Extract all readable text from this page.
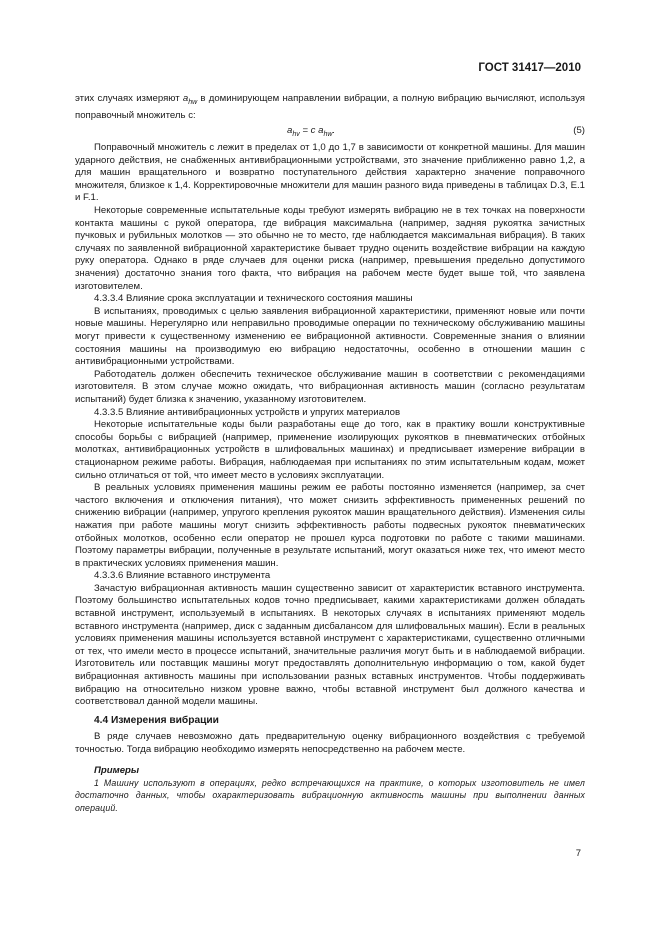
ГОСТ 31417—2010

этих случаях измеряют $a_{hw}$ в доминирующем направлении вибрации, а полную вибрацию вычисляют, используя поправочный множитель с:

$a_{hv} = c$ $a_{hw}$.	(5)

Поправочный множитель с лежит в пределах от 1,0 до 1,7 в зависимости от конкретной машины. Для машин ударного действия, не снабженных антивибрационными устройствами, это значение приближенно равно 1,2, а для машин вращательного и возвратно поступательного действия характерно значение поправочного множителя, близкое к 1,4. Корректировочные множители для машин разного вида приведены в таблицах D.3, E.1 и F.1.

Некоторые современные испытательные коды требуют измерять вибрацию не в тех точках на поверхности контакта машины с рукой оператора, где вибрация максимальна (например, задняя рукоятка зачистных пучковых и рубильных молотков — это обычно не то место, где наблюдается максимальная вибрация). В таких случаях по заявленной вибрационной характеристике бывает трудно оценить воздействие вибрации на каждую руку оператора. Однако в ряде случаев для оценки риска (например, превышения предельно допустимого значения) достаточно знания того факта, что вибрация на рабочем месте будет выше той, что заявлена изготовителем.

4.3.3.4 Влияние срока эксплуатации и технического состояния машины

В испытаниях, проводимых с целью заявления вибрационной характеристики, применяют новые или почти новые машины. Нерегулярно или неправильно проводимые операции по техническому обслуживанию машины могут привести к существенному изменению ее вибрационной активности. Современные знания о влиянии состояния машины на производимую ею вибрацию недостаточны, особенно в отношении машин с антивибрационными устройствами.

Работодатель должен обеспечить техническое обслуживание машин в соответствии с рекомендациями изготовителя. В этом случае можно ожидать, что вибрационная активность машин (согласно результатам испытаний) будет близка к значению, указанному изготовителем.

4.3.3.5 Влияние антивибрационных устройств и упругих материалов

Некоторые испытательные коды были разработаны еще до того, как в практику вошли конструктивные способы борьбы с вибрацией (например, применение изолирующих рукоятков в пневматических отбойных молотках, антивибрационных устройств в шлифовальных машинах) и предписывает измерение вибрации в стационарном режиме работы. Вибрация, наблюдаемая при испытаниях по этим испытательным кодам, может сильно отличаться от той, что имеет место в условиях эксплуатации.

В реальных условиях применения машины режим ее работы постоянно изменяется (например, за счет частого включения и отключения питания), что может снизить эффективность примененных решений по снижению вибрации (например, упругого крепления рукояток машин вращательного действия). Изменения силы нажатия при работе машины могут снизить эффективность работы подвесных рукояток пневматических отбойных молотков, особенно если оператор не прошел курса подготовки по работе с такими машинами. Поэтому параметры вибрации, полученные в результате испытаний, могут оказаться ниже тех, что имеют место в практических условиях применения машин.

4.3.3.6 Влияние вставного инструмента

Зачастую вибрационная активность машин существенно зависит от характеристик вставного инструмента. Поэтому большинство испытательных кодов точно предписывает, какими характеристиками должен обладать вставной инструмент, используемый в испытаниях. В некоторых случаях в испытаниях применяют модель вставного инструмента (например, диск с заданным дисбалансом для шлифовальных машин). Если в реальных условиях применения машины используется вставной инструмент с характеристиками, существенно отличными от тех, что имели место в процессе испытаний, значительные различия могут быть и в наблюдаемой вибрации. Изготовитель или поставщик машины могут предоставлять дополнительную информацию о том, какой будет вибрационная активность машины при использовании разных вставных инструментов. Чтобы поддерживать вибрацию на относительно низком уровне важно, чтобы вставной инструмент был должного качества и соответствовал данной модели машины.

4.4 Измерения вибрации

В ряде случаев невозможно дать предварительную оценку вибрационного воздействия с требуемой точностью. Тогда вибрацию необходимо измерять непосредственно на рабочем месте.

Примеры

1 Машину используют в операциях, редко встречающихся на практике, о которых изготовитель не имел достаточно данных, чтобы охарактеризовать вибрационную активность машины при выполнении данных операций.

7
